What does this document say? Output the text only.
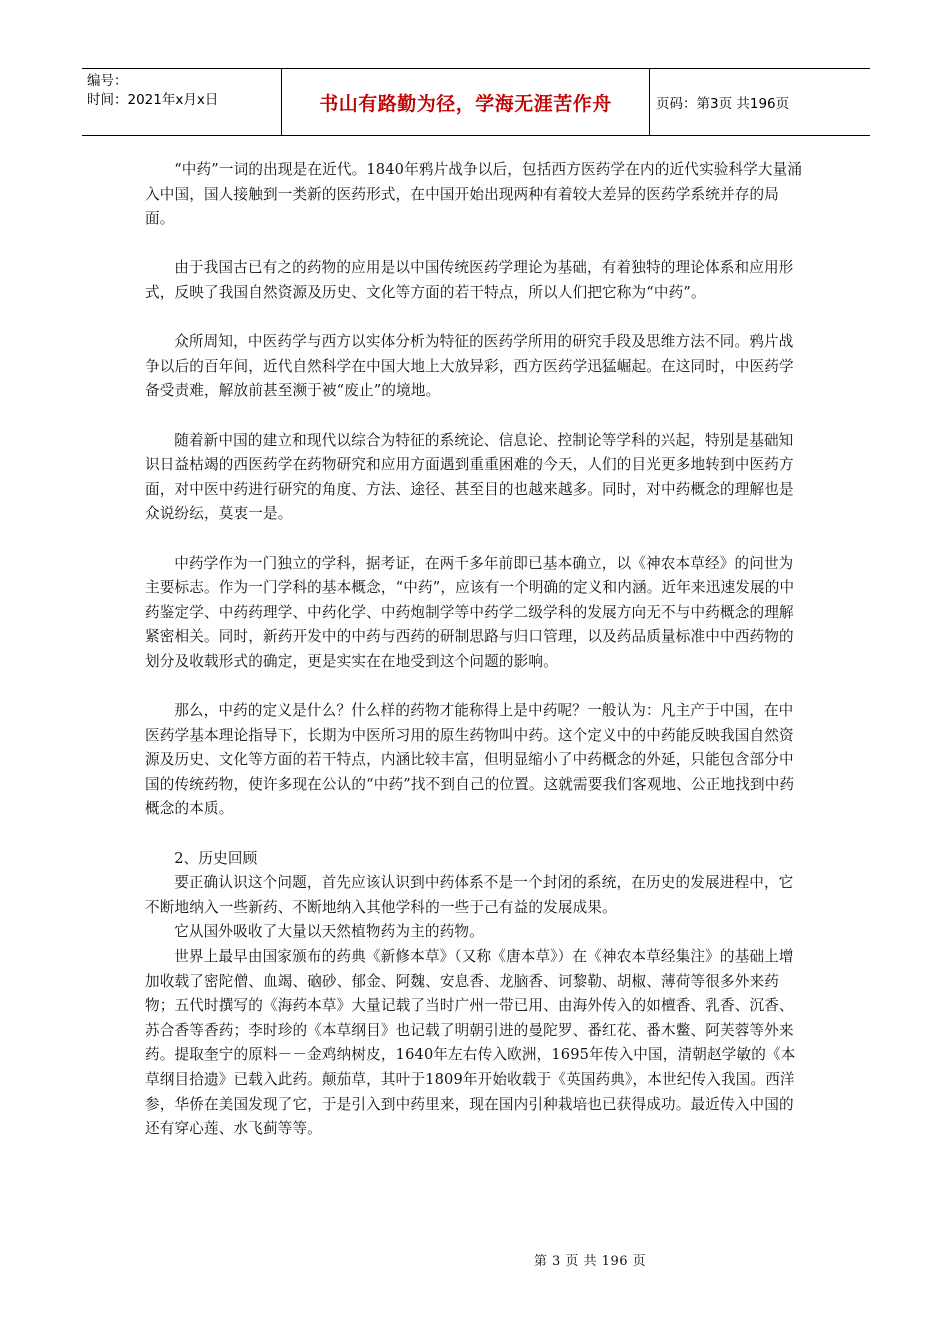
编号：
时间：2021年x月x日	书山有路勤为径，学海无涯苦作舟	页码：第3页 共196页

“中药”一词的出现是在近代。1840年鸦片战争以后，包括西方医药学在内的近代实验科学大量涌入中国，国人接触到一类新的医药形式，在中国开始出现两种有着较大差异的医药学系统并存的局面。

由于我国古已有之的药物的应用是以中国传统医药学理论为基础，有着独特的理论体系和应用形式，反映了我国自然资源及历史、文化等方面的若干特点，所以人们把它称为“中药”。

众所周知，中医药学与西方以实体分析为特征的医药学所用的研究手段及思维方法不同。鸦片战争以后的百年间，近代自然科学在中国大地上大放异彩，西方医药学迅猛崛起。在这同时，中医药学备受责难，解放前甚至濒于被“废止”的境地。

随着新中国的建立和现代以综合为特征的系统论、信息论、控制论等学科的兴起，特别是基础知识日益枯竭的西医药学在药物研究和应用方面遇到重重困难的今天，人们的目光更多地转到中医药方面，对中医中药进行研究的角度、方法、途径、甚至目的也越来越多。同时，对中药概念的理解也是众说纷纭，莫衷一是。

中药学作为一门独立的学科，据考证，在两千多年前即已基本确立，以《神农本草经》的问世为主要标志。作为一门学科的基本概念，“中药”，应该有一个明确的定义和内涵。近年来迅速发展的中药鉴定学、中药药理学、中药化学、中药炮制学等中药学二级学科的发展方向无不与中药概念的理解紧密相关。同时，新药开发中的中药与西药的研制思路与归口管理，以及药品质量标准中中西药物的划分及收载形式的确定，更是实实在在地受到这个问题的影响。

那么，中药的定义是什么？什么样的药物才能称得上是中药呢？一般认为：凡主产于中国，在中医药学基本理论指导下，长期为中医所习用的原生药物叫中药。这个定义中的中药能反映我国自然资源及历史、文化等方面的若干特点，内涵比较丰富，但明显缩小了中药概念的外延，只能包含部分中国的传统药物，使许多现在公认的“中药”找不到自己的位置。这就需要我们客观地、公正地找到中药概念的本质。

2、历史回顾

要正确认识这个问题，首先应该认识到中药体系不是一个封闭的系统，在历史的发展进程中，它不断地纳入一些新药、不断地纳入其他学科的一些于己有益的发展成果。

它从国外吸收了大量以天然植物药为主的药物。

世界上最早由国家颁布的药典《新修本草》（又称《唐本草》）在《神农本草经集注》的基础上增加收载了密陀僧、血竭、硇砂、郁金、阿魏、安息香、龙脑香、诃黎勒、胡椒、薄荷等很多外来药物；五代时撰写的《海药本草》大量记载了当时广州一带已用、由海外传入的如檀香、乳香、沉香、苏合香等香药；李时珍的《本草纲目》也记载了明朝引进的曼陀罗、番红花、番木鳖、阿芙蓉等外来药。提取奎宁的原料－－金鸡纳树皮，1640年左右传入欧洲，1695年传入中国，清朝赵学敏的《本草纲目拾遗》已载入此药。颠茄草，其叶于1809年开始收载于《英国药典》，本世纪传入我国。西洋参，华侨在美国发现了它，于是引入到中药里来，现在国内引种栽培也已获得成功。最近传入中国的还有穿心莲、水飞蓟等等。

第 3 页 共 196 页
